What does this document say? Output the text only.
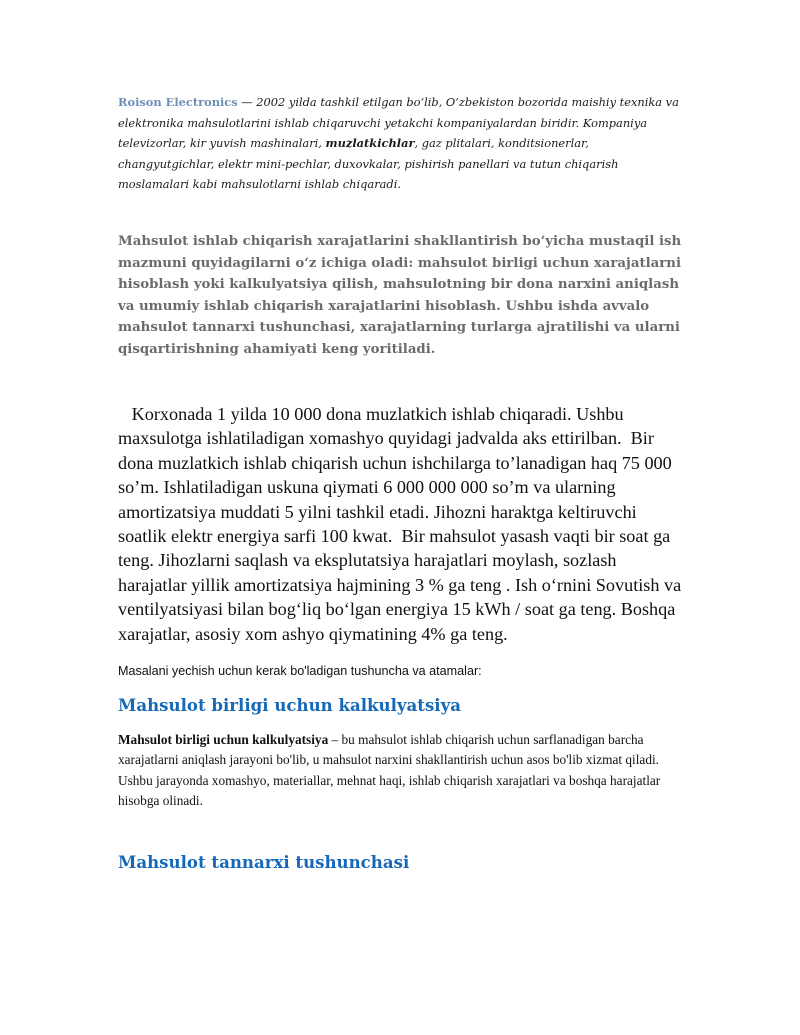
Roison Electronics — 2002 yilda tashkil etilgan bo‘lib, O‘zbekiston bozorida maishiy texnika va elektronika mahsulotlarini ishlab chiqaruvchi yetakchi kompaniyalardan biridir. Kompaniya televizorlar, kir yuvish mashinalari, muzlatkichlar, gaz plitalari, konditsionerlar, changyutgichlar, elektr mini-pechlar, duxovkalar, pishirish panellari va tutun chiqarish moslamalari kabi mahsulotlarni ishlab chiqaradi.

Mahsulot ishlab chiqarish xarajatlarini shakllantirish bo‘yicha mustaqil ish mazmuni quyidagilarni o‘z ichiga oladi: mahsulot birligi uchun xarajatlarni hisoblash yoki kalkulyatsiya qilish, mahsulotning bir dona narxini aniqlash va umumiy ishlab chiqarish xarajatlarini hisoblash. Ushbu ishda avvalo mahsulot tannarxi tushunchasi, xarajatlarning turlarga ajratilishi va ularni qisqartirishning ahamiyati keng yoritiladi.

Korxonada 1 yilda 10 000 dona muzlatkich ishlab chiqaradi. Ushbu maxsulotga ishlatiladigan xomashyo quyidagi jadvalda aks ettirilban.  Bir dona muzlatkich ishlab chiqarish uchun ishchilarga to’lanadigan haq 75 000 so’m. Ishlatiladigan uskuna qiymati 6 000 000 000 so’m va ularning amortizatsiya muddati 5 yilni tashkil etadi. Jihozni haraktga keltiruvchi soatlik elektr energiya sarfi 100 kwat.  Bir mahsulot yasash vaqti bir soat ga teng. Jihozlarni saqlash va eksplutatsiya harajatlari moylash, sozlash harajatlar yillik amortizatsiya hajmining 3 % ga teng . Ish o‘rnini Sovutish va ventilyatsiyasi bilan bog‘liq bo‘lgan energiya 15 kWh / soat ga teng. Boshqa xarajatlar, asosiy xom ashyo qiymatining 4% ga teng.

Masalani yechish uchun kerak bo'ladigan tushuncha va atamalar:

Mahsulot birligi uchun kalkulyatsiya

Mahsulot birligi uchun kalkulyatsiya – bu mahsulot ishlab chiqarish uchun sarflanadigan barcha xarajatlarni aniqlash jarayoni bo'lib, u mahsulot narxini shakllantirish uchun asos bo'lib xizmat qiladi. Ushbu jarayonda xomashyo, materiallar, mehnat haqi, ishlab chiqarish xarajatlari va boshqa harajatlar hisobga olinadi.

Mahsulot tannarxi tushunchasi
